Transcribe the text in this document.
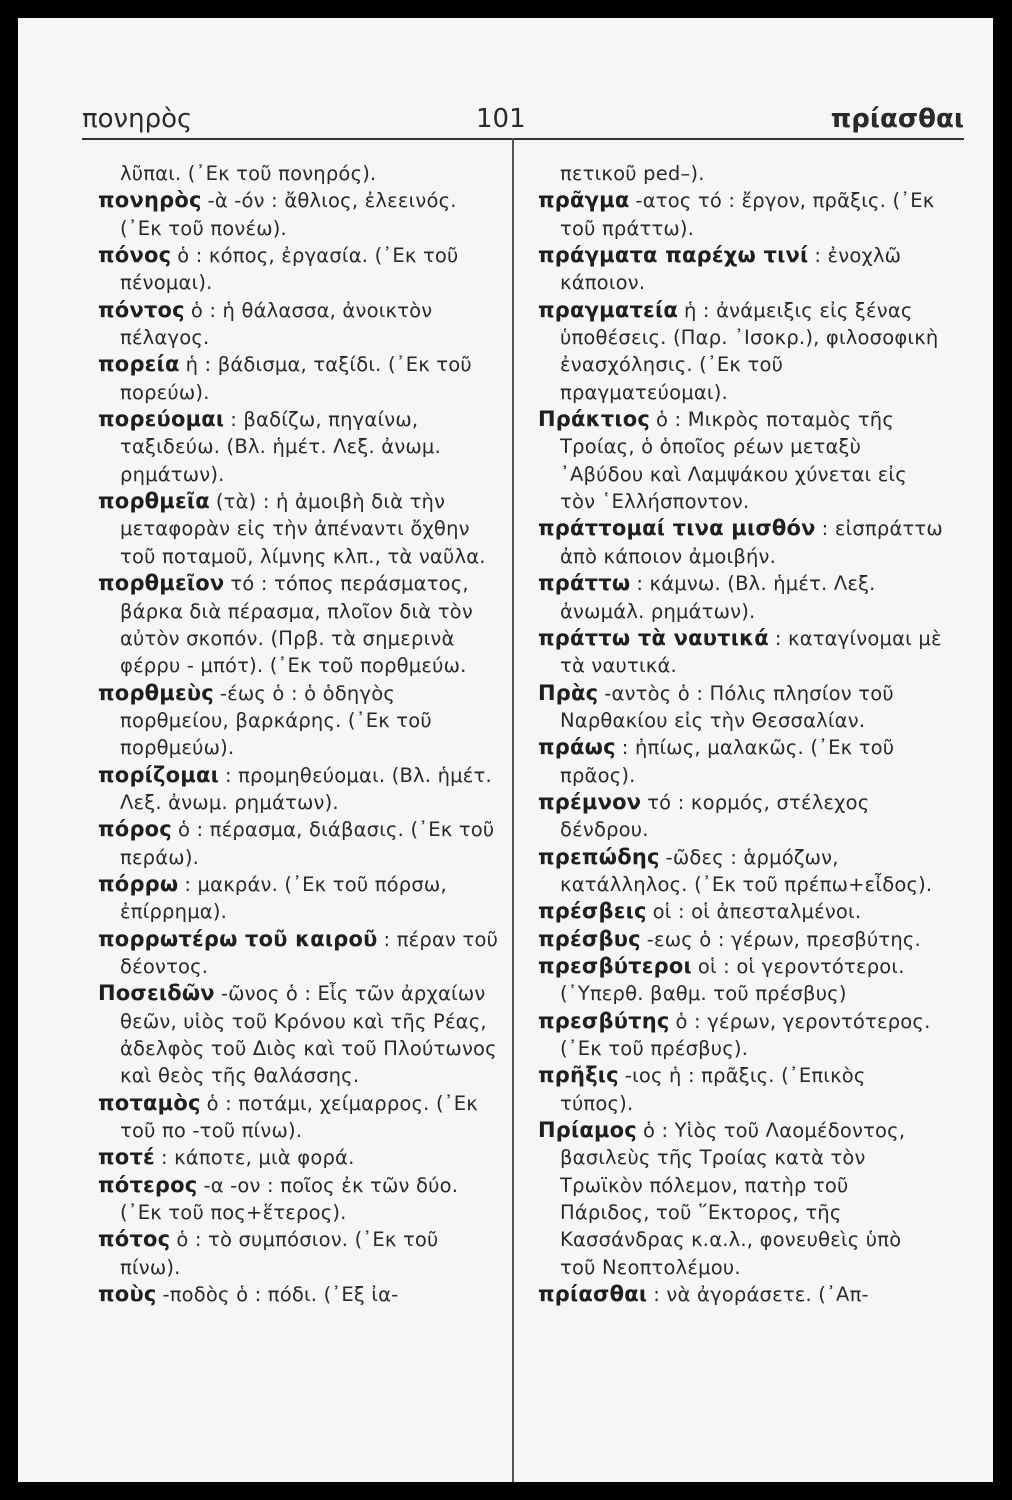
πονηρὸς	101	πρίασθαι
λῦπαι. (᾿Εκ τοῦ πονηρός).
πονηρὸς -ὰ -όν : ἄθλιος, ἐλεεινός. (᾿Εκ τοῦ πονέω).
πόνος ὁ : κόπος, ἐργασία. (᾿Εκ τοῦ πένομαι).
πόντος ὁ : ἡ θάλασσα, ἀνοικτὸν πέλαγος.
πορεία ἡ : βάδισμα, ταξίδι. (᾿Εκ τοῦ πορεύω).
πορεύομαι : βαδίζω, πηγαίνω, ταξιδεύω. (Βλ. ἡμέτ. Λεξ. ἀνωμ. ρημάτων).
πορθμεῖα (τὰ) : ἡ ἀμοιβὴ διὰ τὴν μεταφορὰν εἰς τὴν ἀπέναντι ὄχθην τοῦ ποταμοῦ, λίμνης κλπ., τὰ ναῦλα.
πορθμεῖον τό : τόπος περάσματος, βάρκα διὰ πέρασμα, πλοῖον διὰ τὸν αὐτὸν σκοπόν. (Πρβ. τὰ σημερινὰ φέρρυ - μπότ). (᾿Εκ τοῦ πορθμεύω.
πορθμεὺς -έως ὁ : ὁ ὁδηγὸς πορθμείου, βαρκάρης. (᾿Εκ τοῦ πορθμεύω).
πορίζομαι : προμηθεύομαι. (Βλ. ἡμέτ. Λεξ. ἀνωμ. ρημάτων).
πόρος ὁ : πέρασμα, διάβασις. (᾿Εκ τοῦ περάω).
πόρρω : μακράν. (᾿Εκ τοῦ πόρσω, ἐπίρρημα).
πορρωτέρω τοῦ καιροῦ : πέραν τοῦ δέοντος.
Ποσειδῶν -ῶνος ὁ : Εἷς τῶν ἀρχαίων θεῶν, υἱὸς τοῦ Κρόνου καὶ τῆς Ρέας, ἀδελφὸς τοῦ Διὸς καὶ τοῦ Πλούτωνος καὶ θεὸς τῆς θαλάσσης.
ποταμὸς ὁ : ποτάμι, χείμαρρος. (᾿Εκ τοῦ πο -τοῦ πίνω).
ποτέ : κάποτε, μιὰ φορά.
πότερος -α -ον : ποῖος ἐκ τῶν δύο. (᾿Εκ τοῦ πος+ἕτερος).
πότος ὁ : τὸ συμπόσιον. (᾿Εκ τοῦ πίνω).
ποὺς -ποδὸς ὁ : πόδι. (᾿Εξ ἰα-
πετικοῦ ped–).
πρᾶγμα -ατος τό : ἔργον, πρᾶξις. (᾿Εκ τοῦ πράττω).
πράγματα παρέχω τινί : ἐνοχλῶ κάποιον.
πραγματεία ἡ : ἀνάμειξις εἰς ξένας ὑποθέσεις. (Παρ. ᾿Ισοκρ.), φιλοσοφικὴ ἐνασχόλησις. (᾿Εκ τοῦ πραγματεύομαι).
Πράκτιος ὁ : Μικρὸς ποταμὸς τῆς Τροίας, ὁ ὁποῖος ρέων μεταξὺ ᾿Αβύδου καὶ Λαμψάκου χύνεται εἰς τὸν ῾Ελλήσποντον.
πράττομαί τινα μισθόν : εἰσπράττω ἀπὸ κάποιον ἀμοιβήν.
πράττω : κάμνω. (Βλ. ἡμέτ. Λεξ. ἀνωμάλ. ρημάτων).
πράττω τὰ ναυτικά : καταγίνομαι μὲ τὰ ναυτικά.
Πρὰς -αντὸς ὁ : Πόλις πλησίον τοῦ Ναρθακίου εἰς τὴν Θεσσαλίαν.
πράως : ἠπίως, μαλακῶς. (᾿Εκ τοῦ πρᾶος).
πρέμνον τό : κορμός, στέλεχος δένδρου.
πρεπώδης -ῶδες : ἁρμόζων, κατάλληλος. (᾿Εκ τοῦ πρέπω+εἶδος).
πρέσβεις οἱ : οἱ ἀπεσταλμένοι.
πρέσβυς -εως ὁ : γέρων, πρεσβύτης.
πρεσβύτεροι οἱ : οἱ γεροντότεροι. (῾Υπερθ. βαθμ. τοῦ πρέσβυς)
πρεσβύτης ὁ : γέρων, γεροντότερος. (᾿Εκ τοῦ πρέσβυς).
πρῆξις -ιος ἡ : πρᾶξις. (᾿Επικὸς τύπος).
Πρίαμος ὁ : Υἱὸς τοῦ Λαομέδοντος, βασιλεὺς τῆς Τροίας κατὰ τὸν Τρωϊκὸν πόλεμον, πατὴρ τοῦ Πάριδος, τοῦ ῞Εκτορος, τῆς Κασσάνδρας κ.α.λ., φονευθεὶς ὑπὸ τοῦ Νεοπτολέμου.
πρίασθαι : νὰ ἀγοράσετε. (᾿Απ-
